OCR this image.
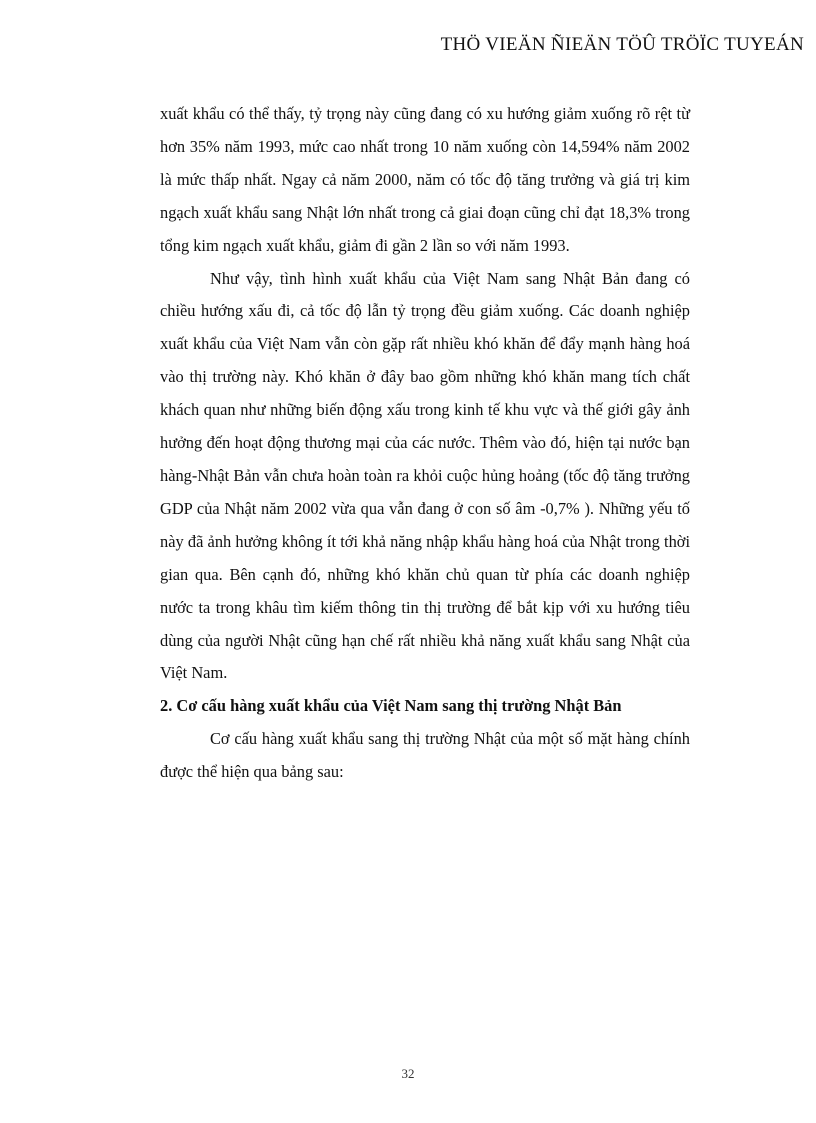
THÖ VIEÄN ÑIEÄN TÖÛ TRÖÏC TUYEÁN

xuất khẩu có thể thấy, tỷ trọng này cũng đang có xu hướng giảm xuống rõ rệt từ hơn 35% năm 1993, mức cao nhất trong 10 năm xuống còn 14,594% năm 2002 là mức thấp nhất. Ngay cả năm 2000, năm có tốc độ tăng trưởng và giá trị kim ngạch xuất khẩu sang Nhật lớn nhất trong cả giai đoạn cũng chỉ đạt 18,3% trong tổng kim ngạch xuất khẩu, giảm đi gần 2 lần so với năm 1993.

Như vậy, tình hình xuất khẩu của Việt Nam sang Nhật Bản đang có chiều hướng xấu đi, cả tốc độ lẫn tỷ trọng đều giảm xuống. Các doanh nghiệp xuất khẩu của Việt Nam vẫn còn gặp rất nhiều khó khăn để đẩy mạnh hàng hoá vào thị trường này. Khó khăn ở đây bao gồm những khó khăn mang tích chất khách quan như những biến động xấu trong kinh tế khu vực và thế giới gây ảnh hưởng đến hoạt động thương mại của các nước. Thêm vào đó, hiện tại nước bạn hàng-Nhật Bản vẫn chưa hoàn toàn ra khỏi cuộc hủng hoảng (tốc độ tăng trưởng GDP của Nhật năm 2002 vừa qua vẫn đang ở con số âm -0,7% ). Những yếu tố này đã ảnh hưởng không ít tới khả năng nhập khẩu hàng hoá của Nhật trong thời gian qua. Bên cạnh đó, những khó khăn chủ quan từ phía các doanh nghiệp nước ta trong khâu tìm kiếm thông tin thị trường để bắt kịp với xu hướng tiêu dùng của người Nhật cũng hạn chế rất nhiều khả năng xuất khẩu sang Nhật của Việt Nam.

2. Cơ cấu hàng xuất khẩu của Việt Nam sang thị trường Nhật Bản

Cơ cấu hàng xuất khẩu sang thị trường Nhật của một số mặt hàng chính được thể hiện qua bảng sau:

32
